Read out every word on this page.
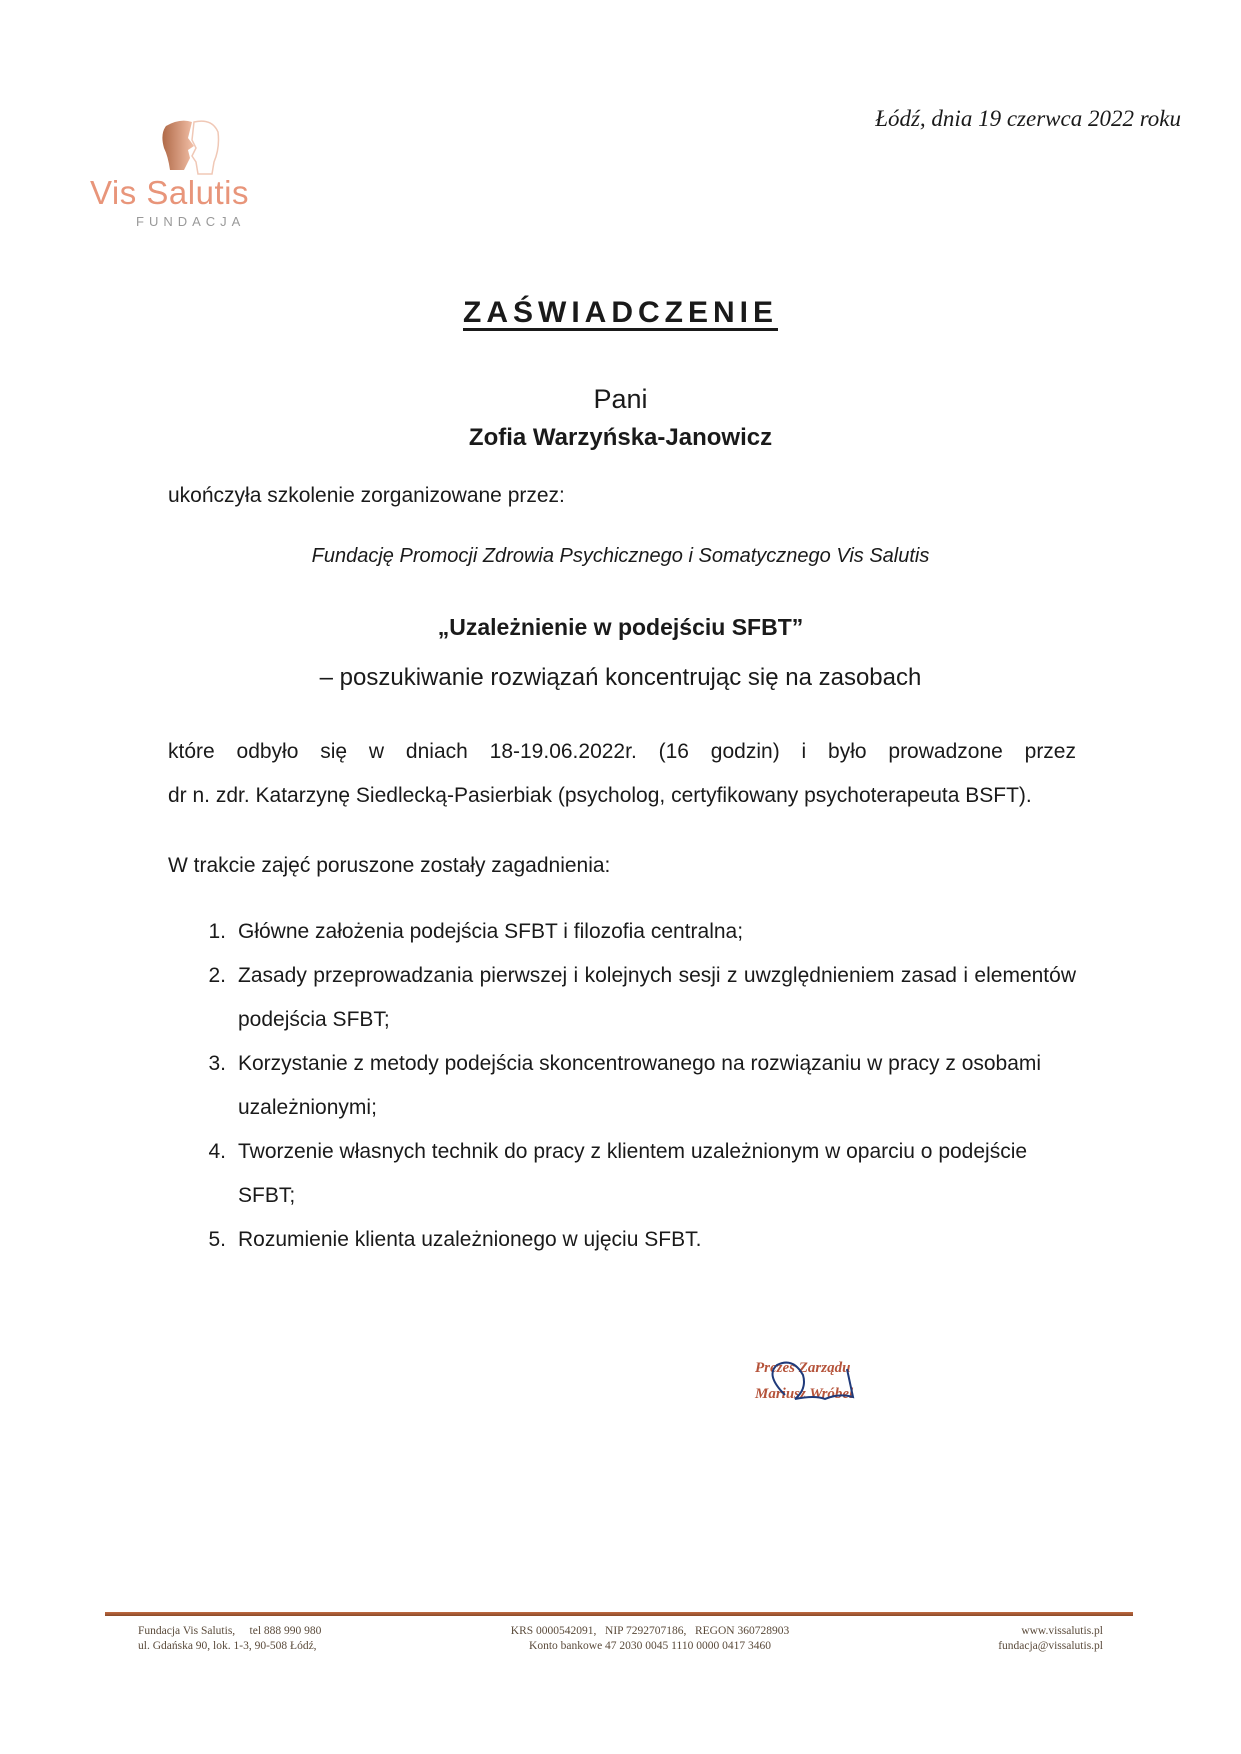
Łódź, dnia 19 czerwca 2022 roku
Vis Salutis
FUNDACJA
ZAŚWIADCZENIE
Pani
Zofia Warzyńska-Janowicz
ukończyła szkolenie zorganizowane przez:
Fundację Promocji Zdrowia Psychicznego i Somatycznego Vis Salutis
„Uzależnienie w podejściu SFBT”
– poszukiwanie rozwiązań koncentrując się na zasobach
które odbyło się w dniach 18-19.06.2022r. (16 godzin) i było prowadzone przez
dr n. zdr. Katarzynę Siedlecką-Pasierbiak (psycholog, certyfikowany psychoterapeuta BSFT).
W trakcie zajęć poruszone zostały zagadnienia:
1. Główne założenia podejścia SFBT i filozofia centralna;
2. Zasady przeprowadzania pierwszej i kolejnych sesji z uwzględnieniem zasad i elementów podejścia SFBT;
3. Korzystanie z metody podejścia skoncentrowanego na rozwiązaniu w pracy z osobami uzależnionymi;
4. Tworzenie własnych technik do pracy z klientem uzależnionym w oparciu o podejście SFBT;
5. Rozumienie klienta uzależnionego w ujęciu SFBT.
Prezes Zarządu
Mariusz Wróbel
Fundacja Vis Salutis,     tel 888 990 980
ul. Gdańska 90, lok. 1-3, 90-508 Łódź,
KRS 0000542091,   NIP 7292707186,   REGON 360728903
Konto bankowe 47 2030 0045 1110 0000 0417 3460
www.vissalutis.pl
fundacja@vissalutis.pl
